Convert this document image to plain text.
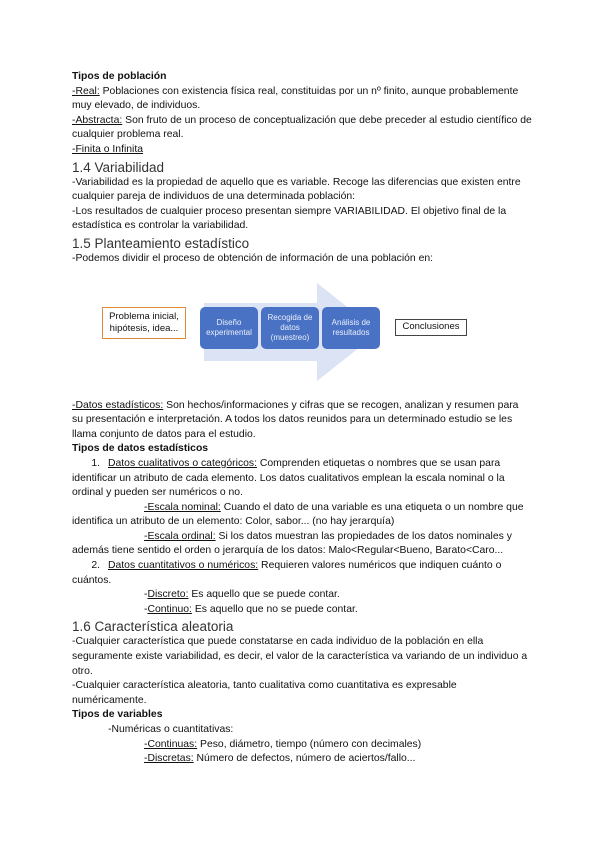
Tipos de población

-Real: Poblaciones con existencia física real, constituidas por un nº finito, aunque probablemente muy elevado, de individuos.

-Abstracta: Son fruto de un proceso de conceptualización que debe preceder al estudio científico de cualquier problema real.

-Finita o Infinita

1.4 Variabilidad

-Variabilidad es la propiedad de aquello que es variable. Recoge las diferencias que existen entre cualquier pareja de individuos de una determinada población:

-Los resultados de cualquier proceso presentan siempre VARIABILIDAD. El objetivo final de la estadística es controlar la variabilidad.

1.5 Planteamiento estadístico

-Podemos dividir el proceso de obtención de información de una población en:

Problema inicial, hipótesis, idea...
Diseño experimental
Recogida de datos (muestreo)
Análisis de resultados	Conclusiones

-Datos estadísticos: Son hechos/informaciones y cifras que se recogen, analizan y resumen para su presentación e interpretación. A todos los datos reunidos para un determinado estudio se les llama conjunto de datos para el estudio.

Tipos de datos estadísticos

1. Datos cualitativos o categóricos: Comprenden etiquetas o nombres que se usan para identificar un atributo de cada elemento. Los datos cualitativos emplean la escala nominal o la ordinal y pueden ser numéricos o no.

-Escala nominal: Cuando el dato de una variable es una etiqueta o un nombre que identifica un atributo de un elemento: Color, sabor... (no hay jerarquía)

-Escala ordinal: Si los datos muestran las propiedades de los datos nominales y además tiene sentido el orden o jerarquía de los datos: Malo<Regular<Bueno, Barato<Caro...

2. Datos cuantitativos o numéricos: Requieren valores numéricos que indiquen cuánto o cuántos.

-Discreto: Es aquello que se puede contar.

-Continuo: Es aquello que no se puede contar.

1.6 Característica aleatoria

-Cualquier característica que puede constatarse en cada individuo de la población en ella seguramente existe variabilidad, es decir, el valor de la característica va variando de un individuo a otro.

-Cualquier característica aleatoria, tanto cualitativa como cuantitativa es expresable numéricamente.

Tipos de variables

-Numéricas o cuantitativas:

-Continuas: Peso, diámetro, tiempo (número con decimales)

-Discretas: Número de defectos, número de aciertos/fallo...
